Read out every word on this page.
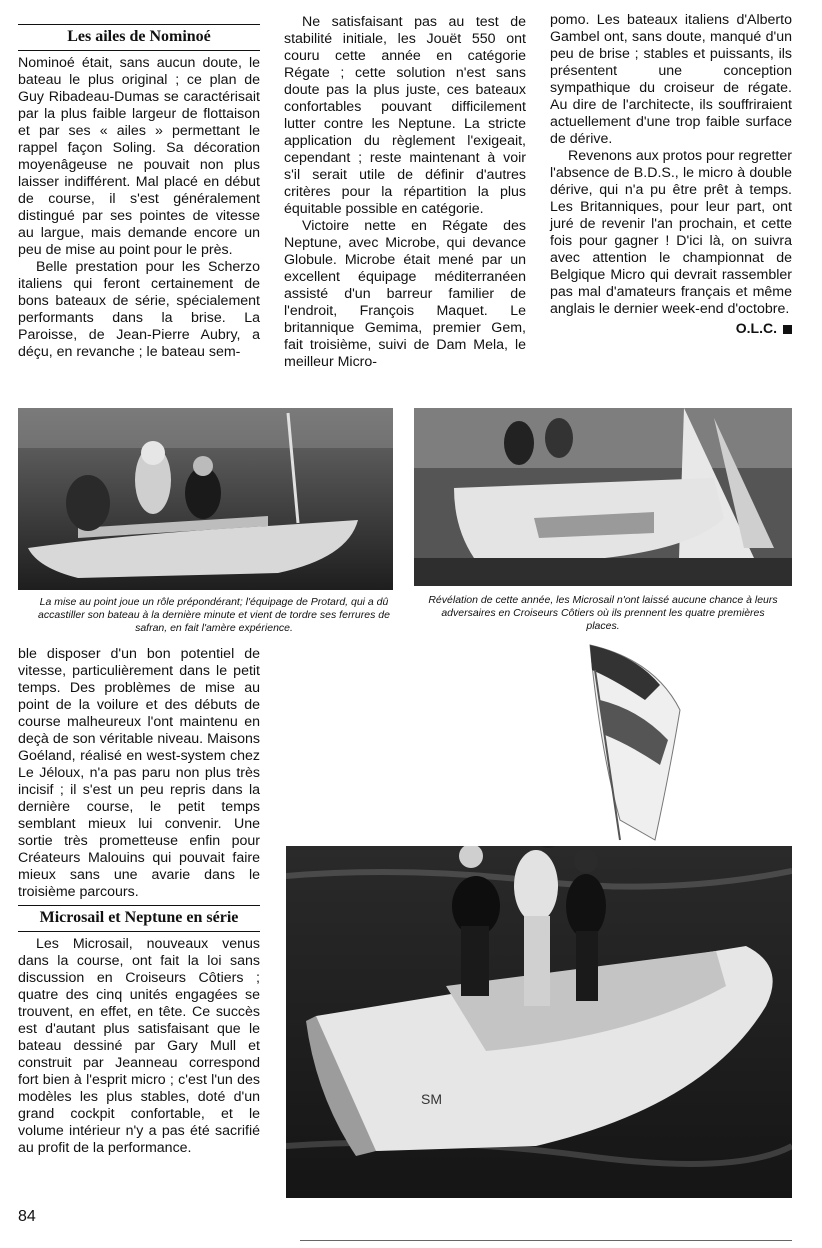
Les ailes de Nominoé

Nominoé était, sans aucun doute, le bateau le plus original ; ce plan de Guy Ribadeau-Dumas se caractérisait par la plus faible largeur de flottaison et par ses « ailes » permettant le rappel façon Soling. Sa décoration moyenâgeuse ne pouvait non plus laisser indifférent. Mal placé en début de course, il s'est généralement distingué par ses pointes de vitesse au largue, mais demande encore un peu de mise au point pour le près.

Belle prestation pour les Scherzo italiens qui feront certainement de bons bateaux de série, spécialement performants dans la brise. La Paroisse, de Jean-Pierre Aubry, a déçu, en revanche ; le bateau sem-

Ne satisfaisant pas au test de stabilité initiale, les Jouët 550 ont couru cette année en catégorie Régate ; cette solution n'est sans doute pas la plus juste, ces bateaux confortables pouvant difficilement lutter contre les Neptune. La stricte application du règlement l'exigeait, cependant ; reste maintenant à voir s'il serait utile de définir d'autres critères pour la répartition la plus équitable possible en catégorie.

Victoire nette en Régate des Neptune, avec Microbe, qui devance Globule. Microbe était mené par un excellent équipage méditerranéen assisté d'un barreur familier de l'endroit, François Maquet. Le britannique Gemima, premier Gem, fait troisième, suivi de Dam Mela, le meilleur Micro-

pomo. Les bateaux italiens d'Alberto Gambel ont, sans doute, manqué d'un peu de brise ; stables et puissants, ils présentent une conception sympathique du croiseur de régate. Au dire de l'architecte, ils souffriraient actuellement d'une trop faible surface de dérive.

Revenons aux protos pour regretter l'absence de B.D.S., le micro à double dérive, qui n'a pu être prêt à temps. Les Britanniques, pour leur part, ont juré de revenir l'an prochain, et cette fois pour gagner ! D'ici là, on suivra avec attention le championnat de Belgique Micro qui devrait rassembler pas mal d'amateurs français et même anglais le dernier week-end d'octobre.

O.L.C.
La mise au point joue un rôle prépondérant; l'équipage de Protard, qui a dû accastiller son bateau à la dernière minute et vient de tordre ses ferrures de safran, en fait l'amère expérience.
Révélation de cette année, les Microsail n'ont laissé aucune chance à leurs adversaires en Croiseurs Côtiers où ils prennent les quatre premières places.

ble disposer d'un bon potentiel de vitesse, particulièrement dans le petit temps. Des problèmes de mise au point de la voilure et des débuts de course malheureux l'ont maintenu en deçà de son véritable niveau. Maisons Goéland, réalisé en west-system chez Le Jéloux, n'a pas paru non plus très incisif ; il s'est un peu repris dans la dernière course, le petit temps semblant mieux lui convenir. Une sortie très prometteuse enfin pour Créateurs Malouins qui pouvait faire mieux sans une avarie dans le troisième parcours.

Microsail et Neptune en série

Les Microsail, nouveaux venus dans la course, ont fait la loi sans discussion en Croiseurs Côtiers ; quatre des cinq unités engagées se trouvent, en effet, en tête. Ce succès est d'autant plus satisfaisant que le bateau dessiné par Gary Mull et construit par Jeanneau correspond fort bien à l'esprit micro ; c'est l'un des modèles les plus stables, doté d'un grand cockpit confortable, et le volume intérieur n'y a pas été sacrifié au profit de la performance.

SM
84
